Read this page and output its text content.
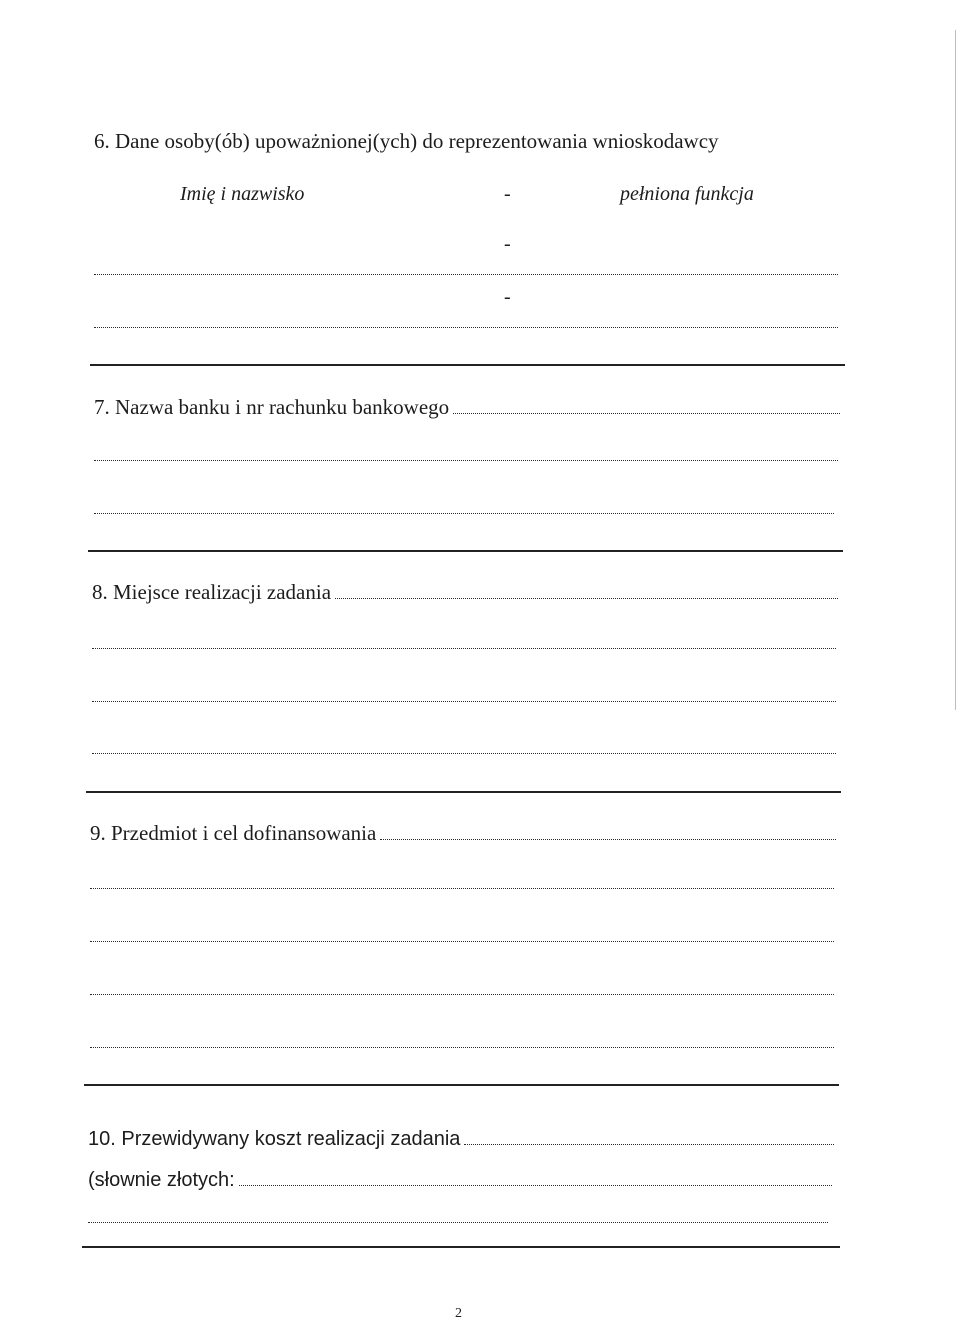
6. Dane osoby(ób) upoważnionej(ych) do reprezentowania wnioskodawcy
Imię i nazwisko	-	pełniona funkcja
-
-
7. Nazwa banku i nr rachunku bankowego
8. Miejsce realizacji zadania
9. Przedmiot i cel dofinansowania
10. Przewidywany koszt realizacji zadania
(słownie złotych:
2
